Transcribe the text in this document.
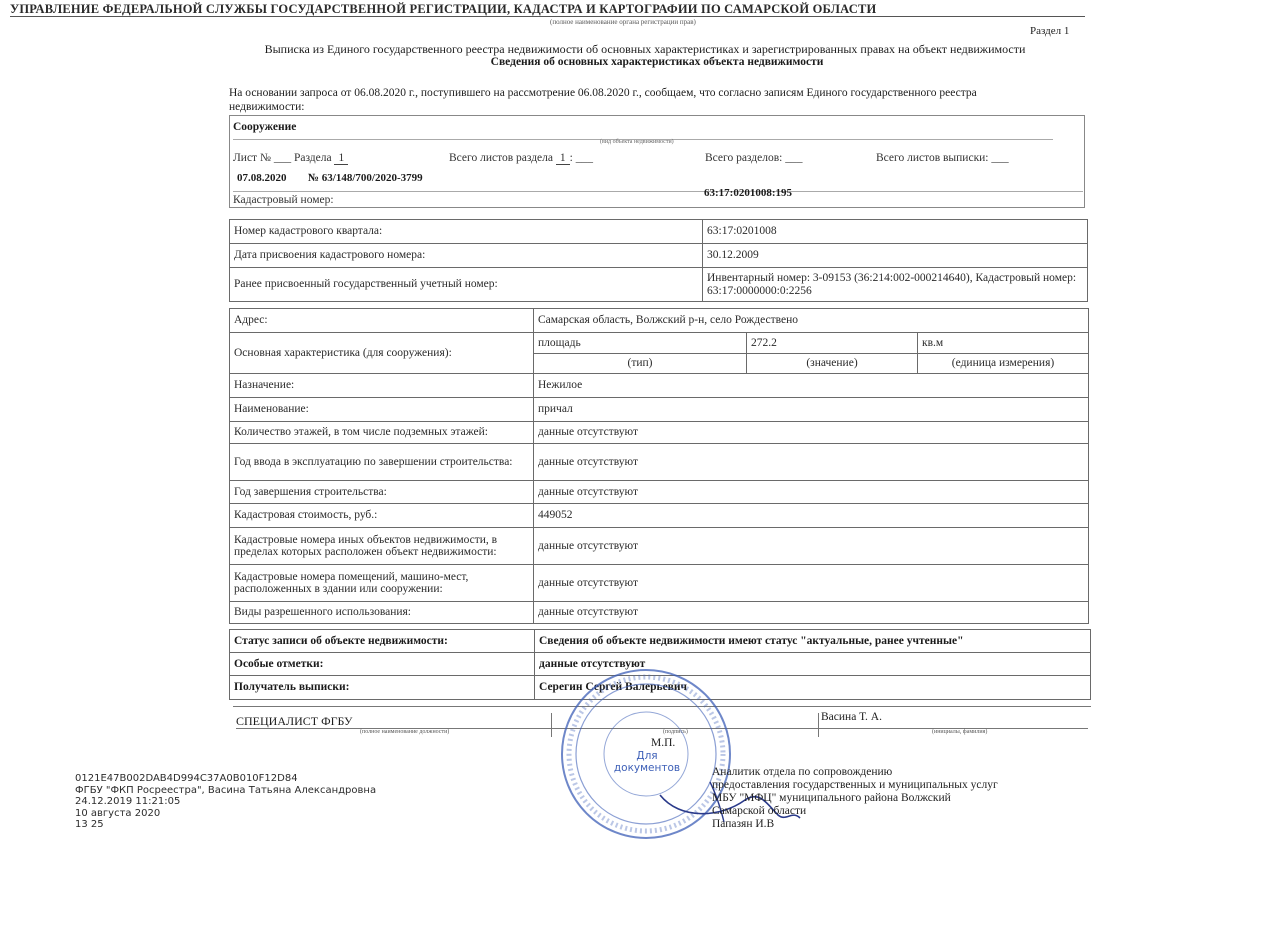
УПРАВЛЕНИЕ ФЕДЕРАЛЬНОЙ СЛУЖБЫ ГОСУДАРСТВЕННОЙ РЕГИСТРАЦИИ, КАДАСТРА И КАРТОГРАФИИ ПО САМАРСКОЙ ОБЛАСТИ
(полное наименование органа регистрации прав)
Раздел 1
Выписка из Единого государственного реестра недвижимости об основных характеристиках и зарегистрированных правах на объект недвижимости
Сведения об основных характеристиках объекта недвижимости
На основании запроса от 06.08.2020 г., поступившего на рассмотрение 06.08.2020 г., сообщаем, что согласно записям Единого государственного реестра недвижимости:
Сооружение
(вид объекта недвижимости)
Лист № ___ Раздела 1	Всего листов раздела 1 : ___	Всего разделов: ___	Всего листов выписки: ___
07.08.2020 № 63/148/700/2020-3799
Кадастровый номер:
63:17:0201008:195
Номер кадастрового квартала:	63:17:0201008
Дата присвоения кадастрового номера:	30.12.2009
Ранее присвоенный государственный учетный номер:	Инвентарный номер: 3-09153 (36:214:002-000214640), Кадастровый номер: 63:17:0000000:0:2256
Адрес:	Самарская область, Волжский р-н, село Рождествено		
Основная характеристика (для сооружения):	площадь	272.2	кв.м
	(тип)	(значение)	(единица измерения)
Назначение:	Нежилое		
Наименование:	причал		
Количество этажей, в том числе подземных этажей:	данные отсутствуют		
Год ввода в эксплуатацию по завершении строительства:	данные отсутствуют		
Год завершения строительства:	данные отсутствуют		
Кадастровая стоимость, руб.:	449052		
Кадастровые номера иных объектов недвижимости, в пределах которых расположен объект недвижимости:	данные отсутствуют		
Кадастровые номера помещений, машино-мест, расположенных в здании или сооружении:	данные отсутствуют		
Виды разрешенного использования:	данные отсутствуют		
Статус записи об объекте недвижимости:	Сведения об объекте недвижимости имеют статус "актуальные, ранее учтенные"
Особые отметки:	данные отсутствуют
Получатель выписки:	Серегин Сергей Валерьевич
СПЕЦИАЛИСТ ФГБУ	Васина Т. А.
(полное наименование должности)	(подпись)	(инициалы, фамилия)
М.П.
Для документов
0121E47B002DAB4D994C37A0B010F12D84
ФГБУ "ФКП Росреестра", Васина Татьяна Александровна
24.12.2019 11:21:05
10 августа 2020
13 25
Аналитик отдела по сопровождению
предоставления государственных и муниципальных услуг
МБУ "МФЦ" муниципального района Волжский
Самарской области
Папазян И.В
